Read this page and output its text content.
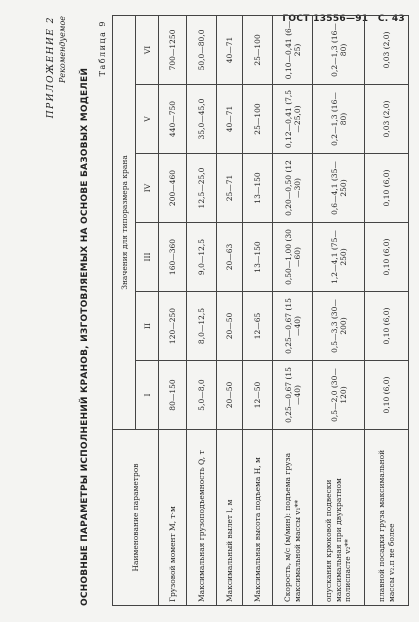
ГОСТ 13556—91 С. 43
ПРИЛОЖЕНИЕ 2 Рекомендуемое
ОСНОВНЫЕ ПАРАМЕТРЫ ИСПОЛНЕНИЙ КРАНОВ, ИЗГОТОВЛЯЕМЫХ НА ОСНОВЕ БАЗОВЫХ МОДЕЛЕЙ
Таблица 9
Наименование параметров	Значения для типоразмера крана					
	I	II	III	IV	V	VI
Грузовой момент M, т·м	80—150	120—250	160—360	200—460	440—750	700—1250
Максимальная грузоподъемность Q, т	5,0—8,0	8,0—12,5	9,0—12,5	12,5—25,0	35,0—45,0	50,0—80,0
Максимальный вылет l, м	20—50	20—50	20—63	25—71	40—71	40—71
Максимальная высота подъема H, м	12—50	12—65	13—150	13—150	25—100	25—100
Скорость, м/с (м/мин): подъема груза максимальной массы v₁**	0,25—0,67 (15—40)	0,25—0,67 (15—40)	0,50—1,00 (30—60)	0,20—0,50 (12—30)	0,12—0,41 (7,5—25,0)	0,10—0,41 (6—25)
опускания крюковой подвески максимальная при двукратном полиспасте v₂**	0,5—2,0 (30—120)	0,5—3,3 (30—200)	1,2—4,1 (75—250)	0,6—4,1 (35—250)	0,2—1,3 (16—80)	0,2—1,3 (16—80)
плавной посадки груза максимальной массы v₂.п не более	0,10 (6,0)	0,10 (6,0)	0,10 (6,0)	0,10 (6,0)	0,03 (2,0)	0,03 (2,0)
